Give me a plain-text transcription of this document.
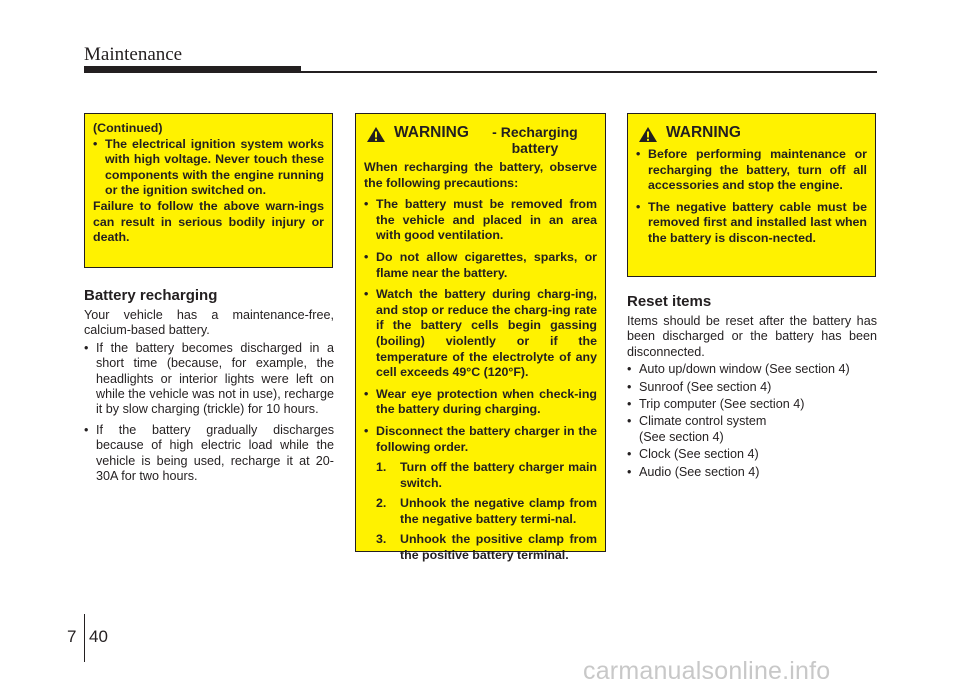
Maintenance

(Continued)

• The electrical ignition system works with high voltage. Never touch these components with the engine running or the ignition switched on.

Failure to follow the above warn-ings can result in serious bodily injury or death.

Battery recharging

Your vehicle has a maintenance-free, calcium-based battery.

• If the battery becomes discharged in a short time (because, for example, the headlights or interior lights were left on while the vehicle was not in use), recharge it by slow charging (trickle) for 10 hours.
• If the battery gradually discharges because of high electric load while the vehicle is being used, recharge it at 20-30A for two hours.
WARNING	- Recharging battery

When recharging the battery, observe the following precautions:

• The battery must be removed from the vehicle and placed in an area with good ventilation.
• Do not allow cigarettes, sparks, or flame near the battery.
• Watch the battery during charg-ing, and stop or reduce the charg-ing rate if the battery cells begin gassing (boiling) violently or if the temperature of the electrolyte of any cell exceeds 49°C (120°F).
• Wear eye protection when check-ing the battery during charging.
• Disconnect the battery charger in the following order.
1. Turn off the battery charger main switch.
2. Unhook the negative clamp from the negative battery termi-nal.
3. Unhook the positive clamp from the positive battery terminal.
WARNING
• Before performing maintenance or recharging the battery, turn off all accessories and stop the engine.
• The negative battery cable must be removed first and installed last when the battery is discon-nected.
Reset items

Items should be reset after the battery has been discharged or the battery has been disconnected.

• Auto up/down window (See section 4)
• Sunroof (See section 4)
• Trip computer (See section 4)
• Climate control system
(See section 4)
• Clock (See section 4)
• Audio (See section 4)
7 40
carmanualsonline.info
